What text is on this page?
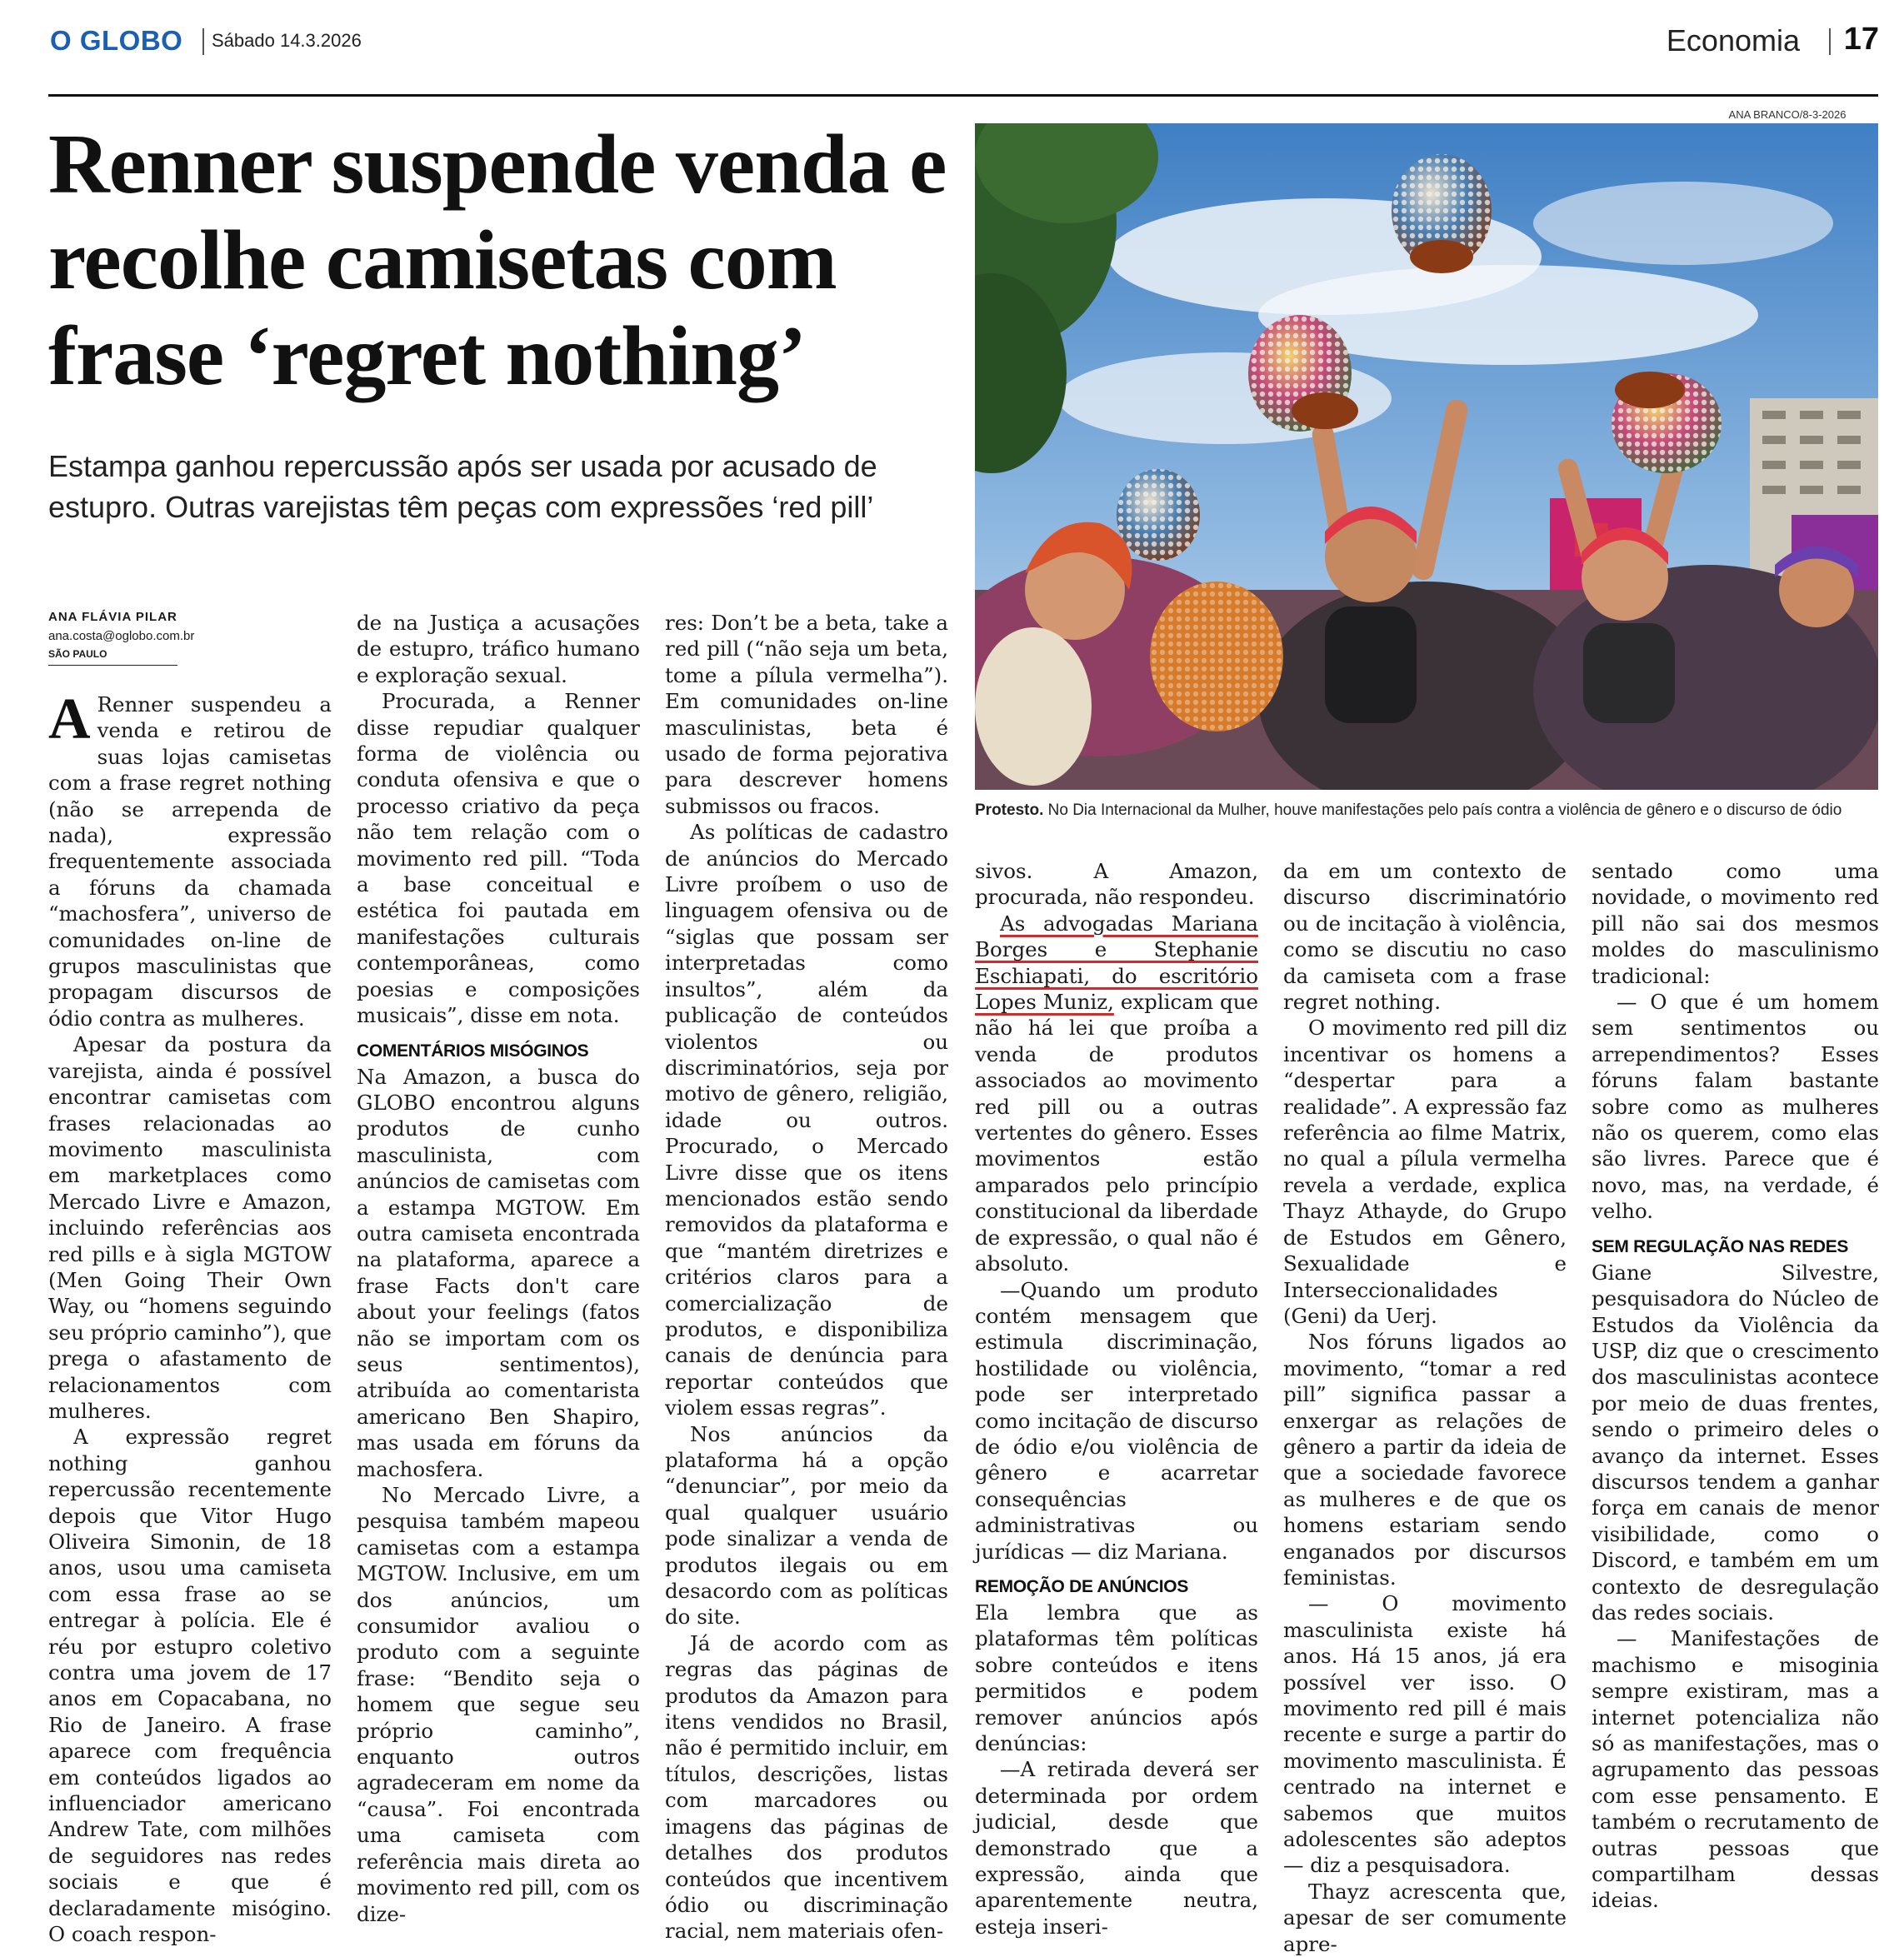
O GLOBO Sábado 14.3.2026	Economia 17
Renner suspende venda e recolhe camisetas com frase ‘regret nothing’
Estampa ganhou repercussão após ser usada por acusado de estupro. Outras varejistas têm peças com expressões ‘red pill’
ANA BRANCO/8-3-2026
Protesto. No Dia Internacional da Mulher, houve manifestações pelo país contra a violência de gênero e o discurso de ódio
ANA FLÁVIA PILAR
ana.costa@oglobo.com.br
SÃO PAULO

A Renner suspendeu a venda e retirou de suas lojas camisetas com a frase regret nothing (não se arrependa de nada), expressão frequentemente associada a fóruns da chamada “machosfera”, universo de comunidades on-line de grupos masculinistas que propagam discursos de ódio contra as mulheres.

Apesar da postura da varejista, ainda é possível encontrar camisetas com frases relacionadas ao movimento masculinista em marketplaces como Mercado Livre e Amazon, incluindo referências aos red pills e à sigla MGTOW (Men Going Their Own Way, ou “homens seguindo seu próprio caminho”), que prega o afastamento de relacionamentos com mulheres.

A expressão regret nothing ganhou repercussão recentemente depois que Vitor Hugo Oliveira Simonin, de 18 anos, usou uma camiseta com essa frase ao se entregar à polícia. Ele é réu por estupro coletivo contra uma jovem de 17 anos em Copacabana, no Rio de Janeiro. A frase aparece com frequência em conteúdos ligados ao influenciador americano Andrew Tate, com milhões de seguidores nas redes sociais e que é declaradamente misógino. O coach respon-

de na Justiça a acusações de estupro, tráfico humano e exploração sexual.

Procurada, a Renner disse repudiar qualquer forma de violência ou conduta ofensiva e que o processo criativo da peça não tem relação com o movimento red pill. “Toda a base conceitual e estética foi pautada em manifestações culturais contemporâneas, como poesias e composições musicais”, disse em nota.

COMENTÁRIOS MISÓGINOS

Na Amazon, a busca do GLOBO encontrou alguns produtos de cunho masculinista, com anúncios de camisetas com a estampa MGTOW. Em outra camiseta encontrada na plataforma, aparece a frase Facts don't care about your feelings (fatos não se importam com os seus sentimentos), atribuída ao comentarista americano Ben Shapiro, mas usada em fóruns da machosfera.

No Mercado Livre, a pesquisa também mapeou camisetas com a estampa MGTOW. Inclusive, em um dos anúncios, um consumidor avaliou o produto com a seguinte frase: “Bendito seja o homem que segue seu próprio caminho”, enquanto outros agradeceram em nome da “causa”. Foi encontrada uma camiseta com referência mais direta ao movimento red pill, com os dize-

res: Don’t be a beta, take a red pill (“não seja um beta, tome a pílula vermelha”). Em comunidades on-line masculinistas, beta é usado de forma pejorativa para descrever homens submissos ou fracos.

As políticas de cadastro de anúncios do Mercado Livre proíbem o uso de linguagem ofensiva ou de “siglas que possam ser interpretadas como insultos”, além da publicação de conteúdos violentos ou discriminatórios, seja por motivo de gênero, religião, idade ou outros. Procurado, o Mercado Livre disse que os itens mencionados estão sendo removidos da plataforma e que “mantém diretrizes e critérios claros para a comercialização de produtos, e disponibiliza canais de denúncia para reportar conteúdos que violem essas regras”.

Nos anúncios da plataforma há a opção “denunciar”, por meio da qual qualquer usuário pode sinalizar a venda de produtos ilegais ou em desacordo com as políticas do site.

Já de acordo com as regras das páginas de produtos da Amazon para itens vendidos no Brasil, não é permitido incluir, em títulos, descrições, listas com marcadores ou imagens das páginas de detalhes dos produtos conteúdos que incentivem ódio ou discriminação racial, nem materiais ofen-

sivos. A Amazon, procurada, não respondeu.

As advogadas Mariana Borges e Stephanie Eschiapati, do escritório Lopes Muniz, explicam que não há lei que proíba a venda de produtos associados ao movimento red pill ou a outras vertentes do gênero. Esses movimentos estão amparados pelo princípio constitucional da liberdade de expressão, o qual não é absoluto.

—Quando um produto contém mensagem que estimula discriminação, hostilidade ou violência, pode ser interpretado como incitação de discurso de ódio e/ou violência de gênero e acarretar consequências administrativas ou jurídicas — diz Mariana.

REMOÇÃO DE ANÚNCIOS

Ela lembra que as plataformas têm políticas sobre conteúdos e itens permitidos e podem remover anúncios após denúncias:

—A retirada deverá ser determinada por ordem judicial, desde que demonstrado que a expressão, ainda que aparentemente neutra, esteja inseri-

da em um contexto de discurso discriminatório ou de incitação à violência, como se discutiu no caso da camiseta com a frase regret nothing.

O movimento red pill diz incentivar os homens a “despertar para a realidade”. A expressão faz referência ao filme Matrix, no qual a pílula vermelha revela a verdade, explica Thayz Athayde, do Grupo de Estudos em Gênero, Sexualidade e Interseccionalidades (Geni) da Uerj.

Nos fóruns ligados ao movimento, “tomar a red pill” significa passar a enxergar as relações de gênero a partir da ideia de que a sociedade favorece as mulheres e de que os homens estariam sendo enganados por discursos feministas.

— O movimento masculinista existe há anos. Há 15 anos, já era possível ver isso. O movimento red pill é mais recente e surge a partir do movimento masculinista. É centrado na internet e sabemos que muitos adolescentes são adeptos — diz a pesquisadora.

Thayz acrescenta que, apesar de ser comumente apre-

sentado como uma novidade, o movimento red pill não sai dos mesmos moldes do masculinismo tradicional:

— O que é um homem sem sentimentos ou arrependimentos? Esses fóruns falam bastante sobre como as mulheres não os querem, como elas são livres. Parece que é novo, mas, na verdade, é velho.

SEM REGULAÇÃO NAS REDES

Giane Silvestre, pesquisadora do Núcleo de Estudos da Violência da USP, diz que o crescimento dos masculinistas acontece por meio de duas frentes, sendo o primeiro deles o avanço da internet. Esses discursos tendem a ganhar força em canais de menor visibilidade, como o Discord, e também em um contexto de desregulação das redes sociais.

— Manifestações de machismo e misoginia sempre existiram, mas a internet potencializa não só as manifestações, mas o agrupamento das pessoas com esse pensamento. E também o recrutamento de outras pessoas que compartilham dessas ideias.
